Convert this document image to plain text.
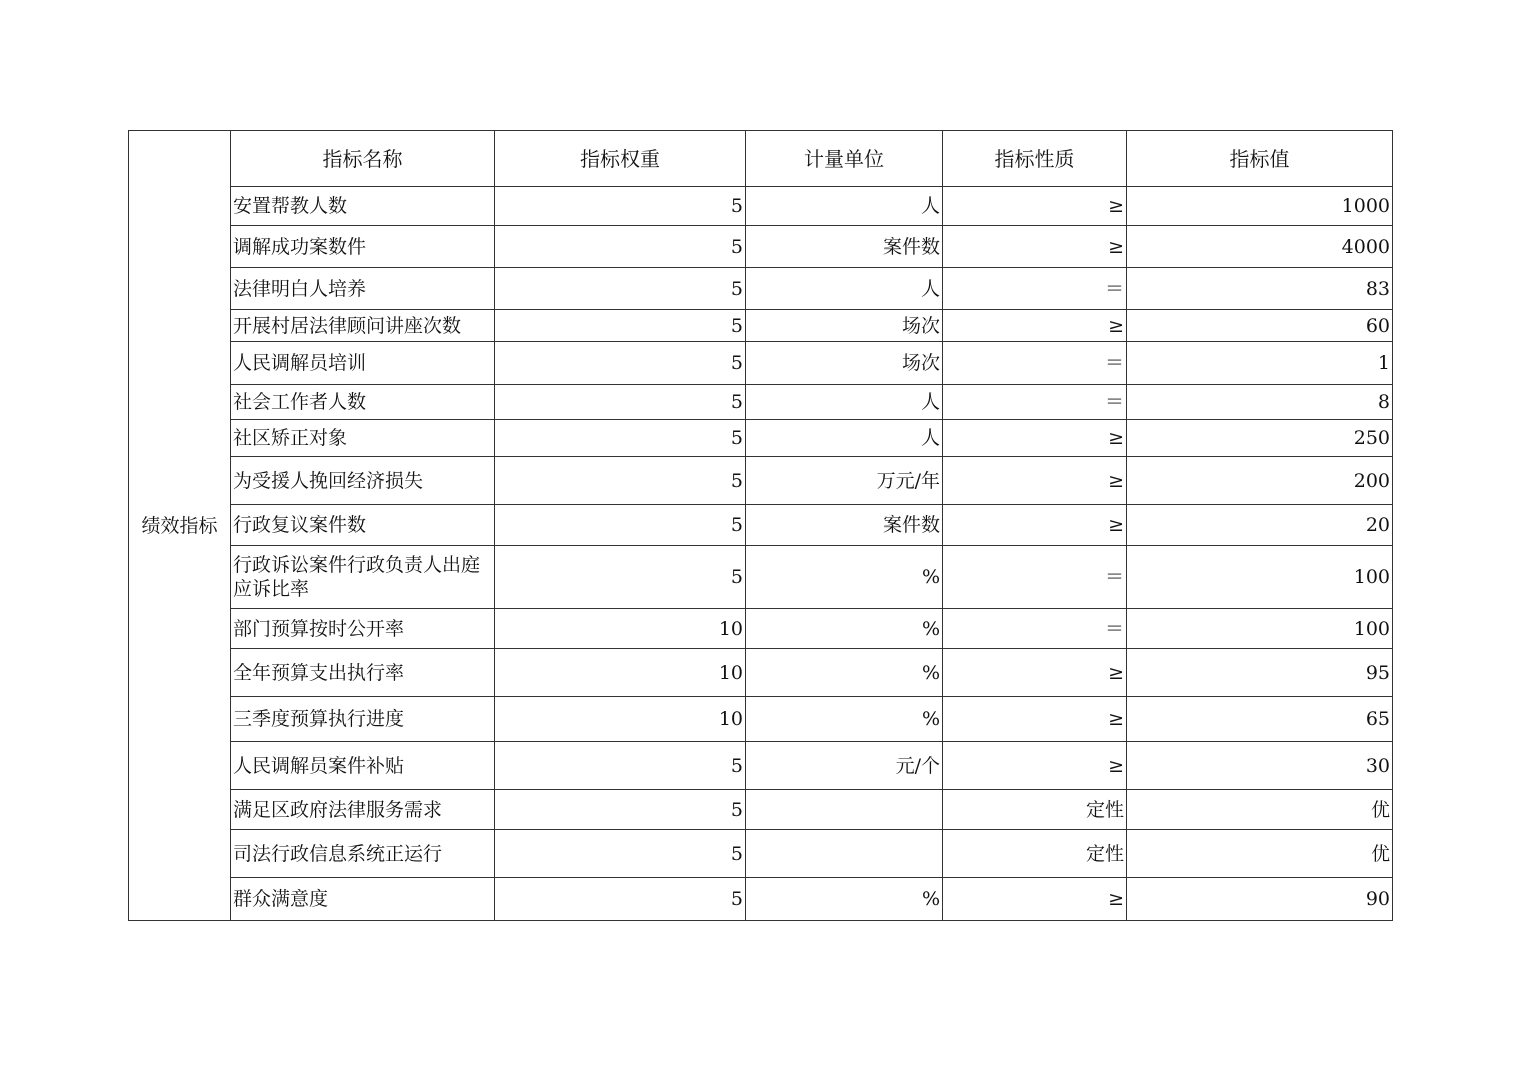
绩效指标	指标名称	指标权重	计量单位	指标性质	指标值
	安置帮教人数	5	人	≥	1000
	调解成功案数件	5	案件数	≥	4000
	法律明白人培养	5	人	＝	83
	开展村居法律顾问讲座次数	5	场次	≥	60
	人民调解员培训	5	场次	＝	1
	社会工作者人数	5	人	＝	8
	社区矫正对象	5	人	≥	250
	为受援人挽回经济损失	5	万元/年	≥	200
	行政复议案件数	5	案件数	≥	20
	行政诉讼案件行政负责人出庭应诉比率	5	%	＝	100
	部门预算按时公开率	10	%	＝	100
	全年预算支出执行率	10	%	≥	95
	三季度预算执行进度	10	%	≥	65
	人民调解员案件补贴	5	元/个	≥	30
	满足区政府法律服务需求	5		定性	优
	司法行政信息系统正运行	5		定性	优
	群众满意度	5	%	≥	90
